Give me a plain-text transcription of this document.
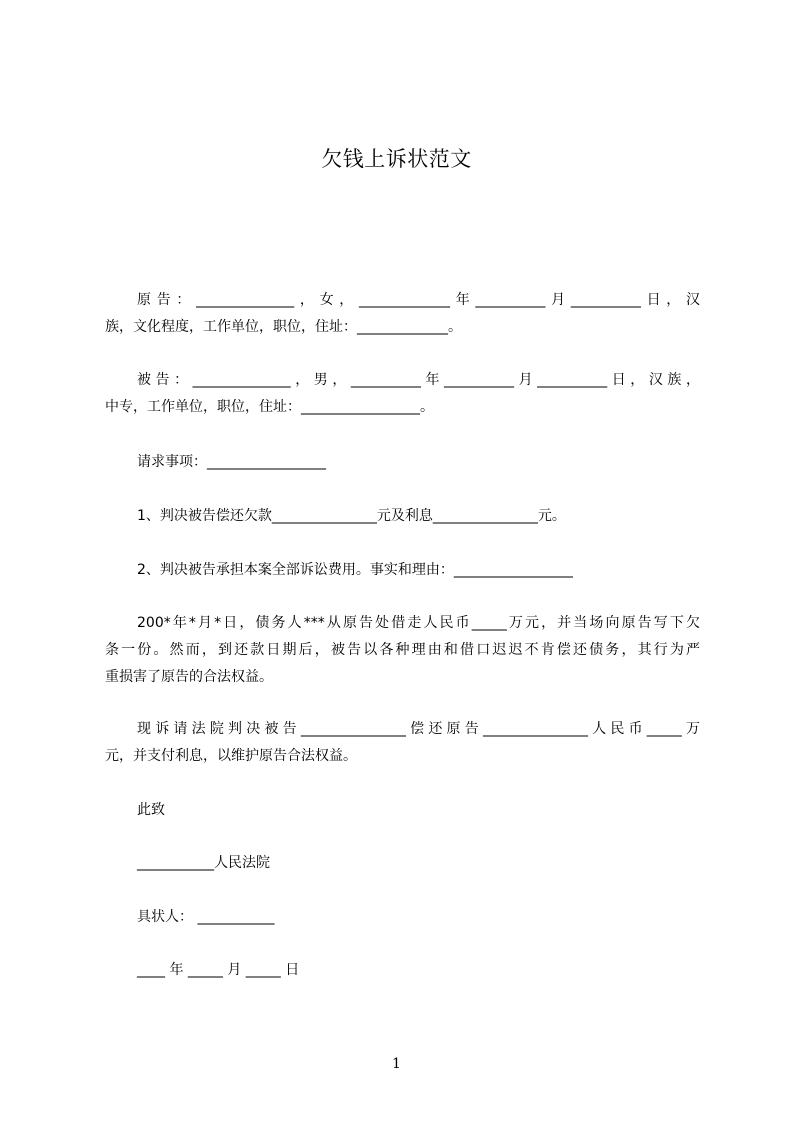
欠钱上诉状范文
原告：______________，女，_____________年__________月__________日，汉
族，文化程度，工作单位，职位，住址：_____________。
被告：______________，男，__________年__________月__________日，汉族，
中专，工作单位，职位，住址：_________________。
请求事项：_________________
1、判决被告偿还欠款_______________元及利息_______________元。
2、判决被告承担本案全部诉讼费用。事实和理由：_________________
200*年*月*日，债务人***从原告处借走人民币_____万元，并当场向原告写下欠
条一份。然而，到还款日期后，被告以各种理由和借口迟迟不肯偿还债务，其行为严
重损害了原告的合法权益。
现诉请法院判决被告_______________偿还原告_______________人民币_____万
元，并支付利息，以维护原告合法权益。
此致
___________人民法院
具状人： ___________
____ 年 _____ 月 _____ 日
1
